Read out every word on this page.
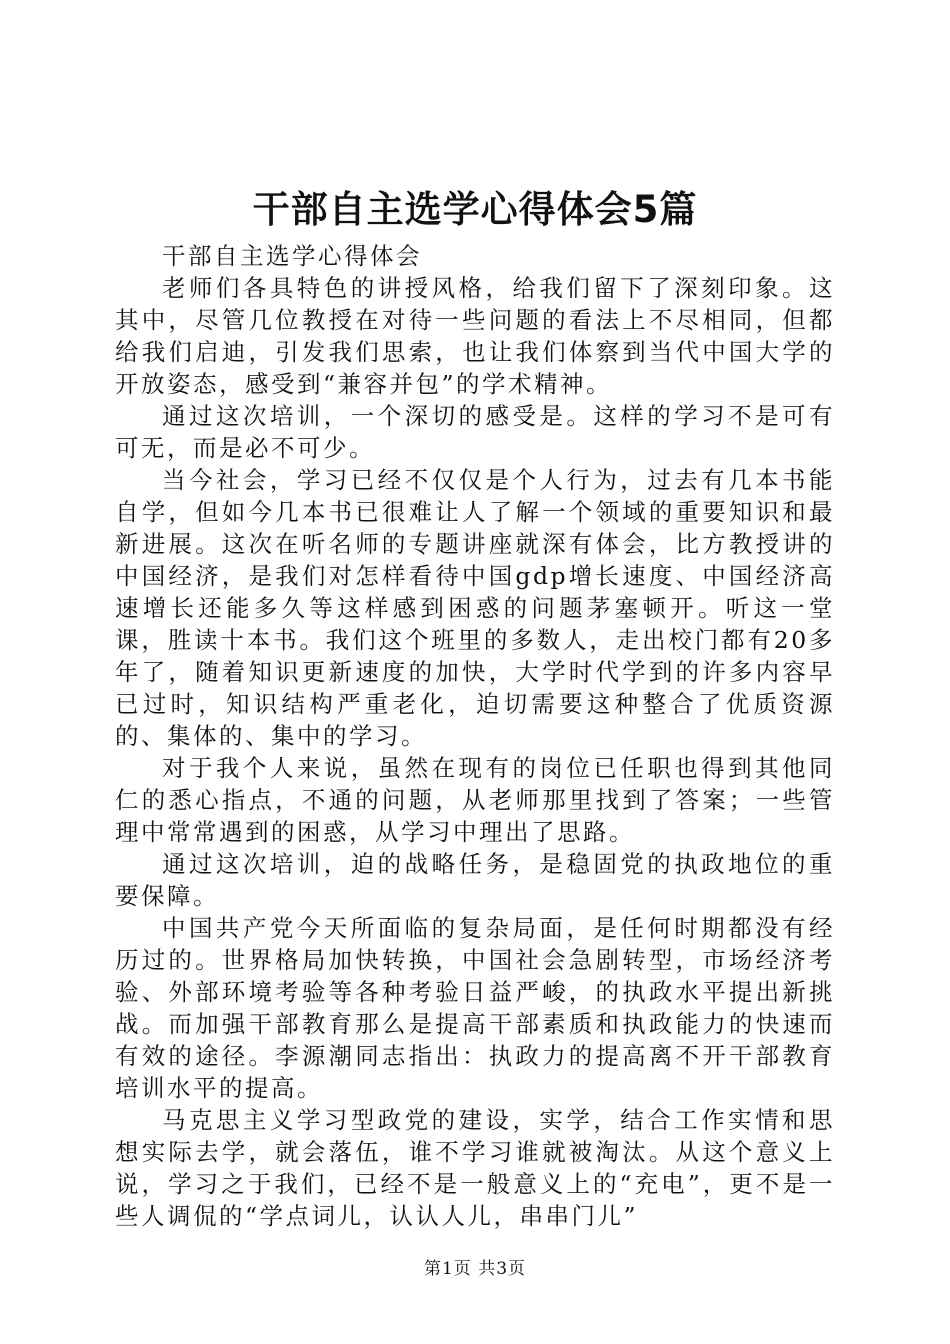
干部自主选学心得体会5篇

干部自主选学心得体会

老师们各具特色的讲授风格，给我们留下了深刻印象。这其中，尽管几位教授在对待一些问题的看法上不尽相同，但都给我们启迪，引发我们思索，也让我们体察到当代中国大学的开放姿态，感受到“兼容并包”的学术精神。

通过这次培训，一个深切的感受是。这样的学习不是可有可无，而是必不可少。

当今社会，学习已经不仅仅是个人行为，过去有几本书能自学，但如今几本书已很难让人了解一个领域的重要知识和最新进展。这次在听名师的专题讲座就深有体会，比方教授讲的中国经济，是我们对怎样看待中国gdp增长速度、中国经济高速增长还能多久等这样感到困惑的问题茅塞顿开。听这一堂课，胜读十本书。我们这个班里的多数人，走出校门都有20多年了，随着知识更新速度的加快，大学时代学到的许多内容早已过时，知识结构严重老化，迫切需要这种整合了优质资源的、集体的、集中的学习。

对于我个人来说，虽然在现有的岗位已任职也得到其他同仁的悉心指点，不通的问题，从老师那里找到了答案；一些管理中常常遇到的困惑，从学习中理出了思路。

通过这次培训，迫的战略任务，是稳固党的执政地位的重要保障。

中国共产党今天所面临的复杂局面，是任何时期都没有经历过的。世界格局加快转换，中国社会急剧转型，市场经济考验、外部环境考验等各种考验日益严峻，的执政水平提出新挑战。而加强干部教育那么是提高干部素质和执政能力的快速而有效的途径。李源潮同志指出：执政力的提高离不开干部教育培训水平的提高。

马克思主义学习型政党的建设，实学，结合工作实情和思想实际去学，就会落伍，谁不学习谁就被淘汰。从这个意义上说，学习之于我们，已经不是一般意义上的“充电”，更不是一些人调侃的“学点词儿，认认人儿，串串门儿”

第1页 共3页
